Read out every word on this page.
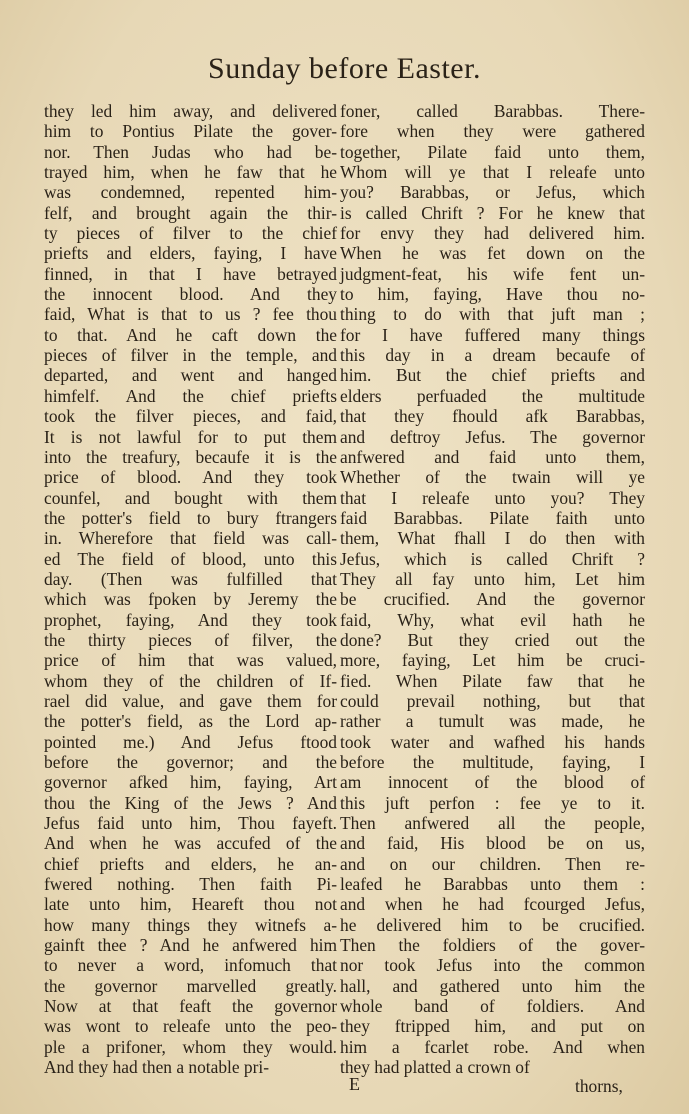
Sunday before Easter.
they led him away, and delivered
him to Pontius Pilate the gover-
nor. Then Judas who had be-
trayed him, when he faw that he
was condemned, repented him-
felf, and brought again the thir-
ty pieces of filver to the chief
priefts and elders, faying, I have
finned, in that I have betrayed
the innocent blood. And they
faid, What is that to us ? fee thou
to that. And he caft down the
pieces of filver in the temple, and
departed, and went and hanged
himfelf. And the chief priefts
took the filver pieces, and faid,
It is not lawful for to put them
into the treafury, becaufe it is the
price of blood. And they took
counfel, and bought with them
the potter's field to bury ftrangers
in. Wherefore that field was call-
ed The field of blood, unto this
day. (Then was fulfilled that
which was fpoken by Jeremy the
prophet, faying, And they took
the thirty pieces of filver, the
price of him that was valued,
whom they of the children of If-
rael did value, and gave them for
the potter's field, as the Lord ap-
pointed me.) And Jefus ftood
before the governor; and the
governor afked him, faying, Art
thou the King of the Jews ? And
Jefus faid unto him, Thou fayeft.
And when he was accufed of the
chief priefts and elders, he an-
fwered nothing. Then faith Pi-
late unto him, Heareft thou not
how many things they witnefs a-
gainft thee ? And he anfwered him
to never a word, infomuch that
the governor marvelled greatly.
Now at that feaft the governor
was wont to releafe unto the peo-
ple a prifoner, whom they would.
And they had then a notable pri-
foner, called Barabbas. There-
fore when they were gathered
together, Pilate faid unto them,
Whom will ye that I releafe unto
you? Barabbas, or Jefus, which
is called Chrift ? For he knew that
for envy they had delivered him.
When he was fet down on the
judgment-feat, his wife fent un-
to him, faying, Have thou no-
thing to do with that juft man ;
for I have fuffered many things
this day in a dream becaufe of
him. But the chief priefts and
elders perfuaded the multitude
that they fhould afk Barabbas,
and deftroy Jefus. The governor
anfwered and faid unto them,
Whether of the twain will ye
that I releafe unto you? They
faid Barabbas. Pilate faith unto
them, What fhall I do then with
Jefus, which is called Chrift ?
They all fay unto him, Let him
be crucified. And the governor
faid, Why, what evil hath he
done? But they cried out the
more, faying, Let him be cruci-
fied. When Pilate faw that he
could prevail nothing, but that
rather a tumult was made, he
took water and wafhed his hands
before the multitude, faying, I
am innocent of the blood of
this juft perfon : fee ye to it.
Then anfwered all the people,
and faid, His blood be on us,
and on our children. Then re-
leafed he Barabbas unto them :
and when he had fcourged Jefus,
he delivered him to be crucified.
Then the foldiers of the gover-
nor took Jefus into the common
hall, and gathered unto him the
whole band of foldiers. And
they ftripped him, and put on
him a fcarlet robe. And when
they had platted a crown of
E	thorns,
